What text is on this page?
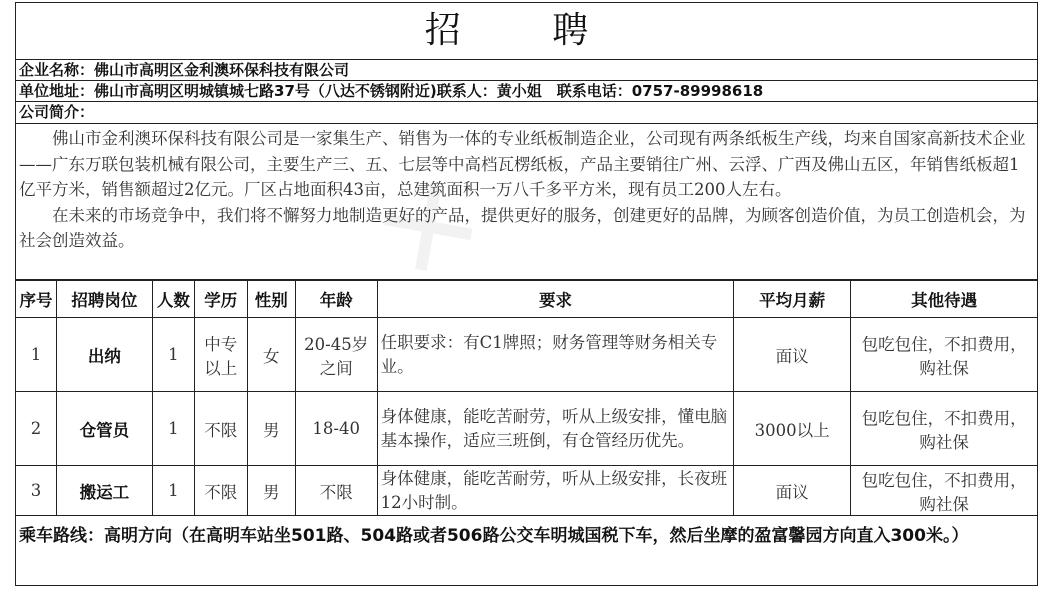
✕
招 聘
企业名称：佛山市高明区金利澳环保科技有限公司
单位地址：佛山市高明区明城镇城七路37号（八达不锈钢附近)联系人：黄小姐　联系电话：0757-89998618
公司简介：

佛山市金利澳环保科技有限公司是一家集生产、销售为一体的专业纸板制造企业，公司现有两条纸板生产线，均来自国家高新技术企业——广东万联包装机械有限公司，主要生产三、五、七层等中高档瓦楞纸板，产品主要销往广州、云浮、广西及佛山五区，年销售纸板超1亿平方米，销售额超过2亿元。厂区占地面积43亩，总建筑面积一万八千多平方米，现有员工200人左右。

在未来的市场竞争中，我们将不懈努力地制造更好的产品，提供更好的服务，创建更好的品牌，为顾客创造价值，为员工创造机会，为社会创造效益。

序号	招聘岗位	人数	学历	性别	年龄	要求	平均月薪	其他待遇
1	出纳	1	中专以上	女	20-45岁之间	任职要求：有C1牌照；财务管理等财务相关专业。	面议	包吃包住，不扣费用，购社保
2	仓管员	1	不限	男	18-40	身体健康，能吃苦耐劳，听从上级安排，懂电脑基本操作，适应三班倒，有仓管经历优先。	3000以上	包吃包住，不扣费用，购社保
3	搬运工	1	不限	男	不限	身体健康，能吃苦耐劳，听从上级安排，长夜班12小时制。	面议	包吃包住，不扣费用，购社保
乘车路线：高明方向（在高明车站坐501路、504路或者506路公交车明城国税下车，然后坐摩的盈富馨园方向直入300米。）
